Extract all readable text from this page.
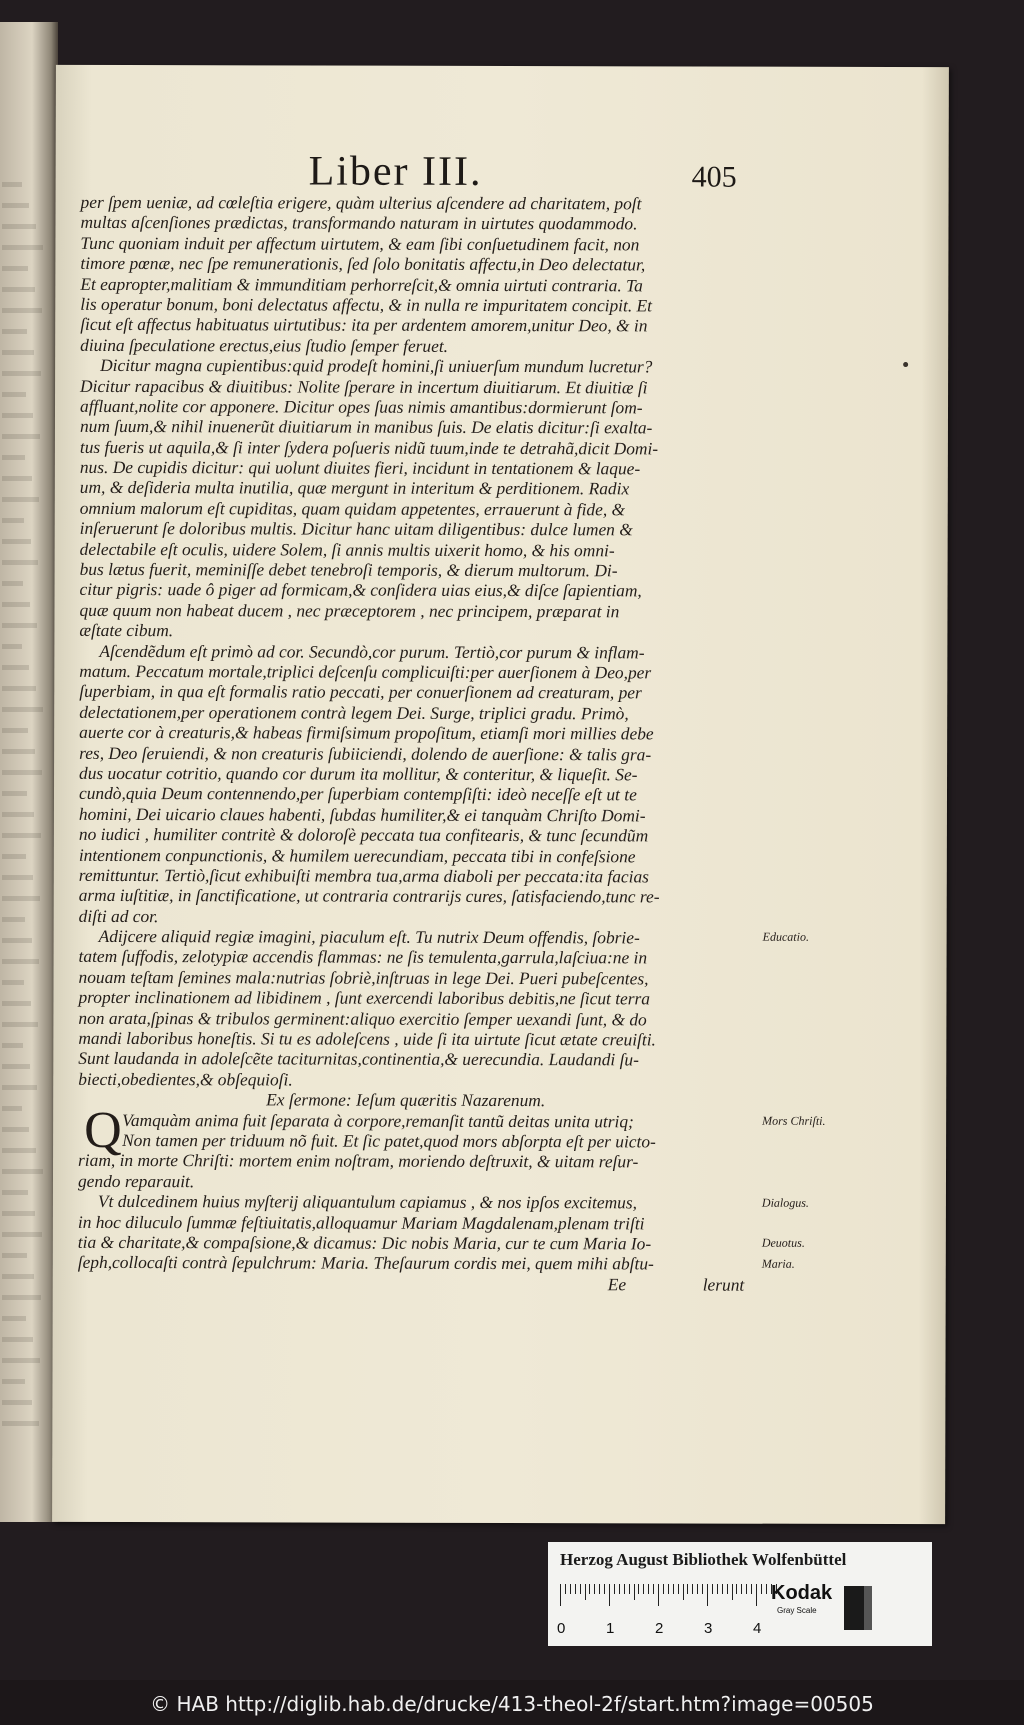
Liber III.	405
per ſpem ueniæ, ad cœleſtia erigere, quàm ulterius aſcendere ad charitatem, poſt
multas aſcenſiones prædictas, transformando naturam in uirtutes quodammodo.
Tunc quoniam induit per affectum uirtutem, & eam ſibi conſuetudinem facit, non
timore pœnæ, nec ſpe remunerationis, ſed ſolo bonitatis affectu,in Deo delectatur,
Et eapropter,malitiam & immunditiam perhorreſcit,& omnia uirtuti contraria. Ta
lis operatur bonum, boni delectatus affectu, & in nulla re impuritatem concipit. Et
ſicut eſt affectus habituatus uirtutibus: ita per ardentem amorem,unitur Deo, & in
diuina ſpeculatione erectus,eius ſtudio ſemper feruet.
Dicitur magna cupientibus:quid prodeſt homini,ſi uniuerſum mundum lucretur?
Dicitur rapacibus & diuitibus: Nolite ſperare in incertum diuitiarum. Et diuitiæ ſi
affluant,nolite cor apponere. Dicitur opes ſuas nimis amantibus:dormierunt ſom-
num ſuum,& nihil inuenerũt diuitiarum in manibus ſuis. De elatis dicitur:ſi exalta-
tus fueris ut aquila,& ſi inter ſydera poſueris nidũ tuum,inde te detrahã,dicit Domi-
nus. De cupidis dicitur: qui uolunt diuites fieri, incidunt in tentationem & laque-
um, & deſideria multa inutilia, quæ mergunt in interitum & perditionem. Radix
omnium malorum eſt cupiditas, quam quidam appetentes, errauerunt à fide, &
inſeruerunt ſe doloribus multis. Dicitur hanc uitam diligentibus: dulce lumen &
delectabile eſt oculis, uidere Solem, ſi annis multis uixerit homo, & his omni-
bus lætus fuerit, meminiſſe debet tenebroſi temporis, & dierum multorum. Di-
citur pigris: uade ô piger ad formicam,& conſidera uias eius,& diſce ſapientiam,
quæ quum non habeat ducem , nec præceptorem , nec principem, præparat in
æſtate cibum.
Aſcendẽdum eſt primò ad cor. Secundò,cor purum. Tertiò,cor purum & inflam-
matum. Peccatum mortale,triplici deſcenſu complicuiſti:per auerſionem à Deo,per
ſuperbiam, in qua eſt formalis ratio peccati, per conuerſionem ad creaturam, per
delectationem,per operationem contrà legem Dei. Surge, triplici gradu. Primò,
auerte cor à creaturis,& habeas firmiſsimum propoſitum, etiamſi mori millies debe
res, Deo ſeruiendi, & non creaturis ſubiiciendi, dolendo de auerſione: & talis gra-
dus uocatur cotritio, quando cor durum ita mollitur, & conteritur, & liqueſit. Se-
cundò,quia Deum contennendo,per ſuperbiam contempſiſti: ideò neceſſe eſt ut te
homini, Dei uicario claues habenti, ſubdas humiliter,& ei tanquàm Chriſto Domi-
no iudici , humiliter contritè & doloroſè peccata tua confitearis, & tunc ſecundũm
intentionem conpunctionis, & humilem uerecundiam, peccata tibi in confeſsione
remittuntur. Tertiò,ſicut exhibuiſti membra tua,arma diaboli per peccata:ita facias
arma iuſtitiæ, in ſanctificatione, ut contraria contrarijs cures, ſatisfaciendo,tunc re-
diſti ad cor.
Adijcere aliquid regiæ imagini, piaculum eſt. Tu nutrix Deum offendis, ſobrie-
tatem ſuffodis, zelotypiæ accendis flammas: ne ſis temulenta,garrula,laſciua:ne in
nouam teſtam ſemines mala:nutrias ſobriè,inſtruas in lege Dei. Pueri pubeſcentes,
propter inclinationem ad libidinem , ſunt exercendi laboribus debitis,ne ſicut terra
non arata,ſpinas & tribulos germinent:aliquo exercitio ſemper uexandi ſunt, & do
mandi laboribus honeſtis. Si tu es adoleſcens , uide ſi ita uirtute ſicut ætate creuiſti.
Sunt laudanda in adoleſcẽte taciturnitas,continentia,& uerecundia. Laudandi ſu-
biecti,obedientes,& obſequioſi.
Ex ſermone: Ieſum quæritis Nazarenum.
Vamquàm anima fuit ſeparata à corpore,remanſit tantũ deitas unita utriq;
Q Non tamen per triduum nõ fuit. Et ſic patet,quod mors abſorpta eſt per uicto-
riam, in morte Chriſti: mortem enim noſtram, moriendo deſtruxit, & uitam reſur-
gendo reparauit.
Vt dulcedinem huius myſterij aliquantulum capiamus , & nos ipſos excitemus,
in hoc diluculo ſummæ feſtiuitatis,alloquamur Mariam Magdalenam,plenam triſti
tia & charitate,& compaſsione,& dicamus: Dic nobis Maria, cur te cum Maria Io-
ſeph,collocaſti contrà ſepulchrum: Maria. Theſaurum cordis mei, quem mihi abſtu-
Ee	lerunt
Educatio.
Mors Chriſti.
Dialogus.
Deuotus.
Maria.
Herzog August Bibliothek Wolfenbüttel
0	1	2	3	4
Kodak
Gray Scale
© HAB http://diglib.hab.de/drucke/413-theol-2f/start.htm?image=00505
